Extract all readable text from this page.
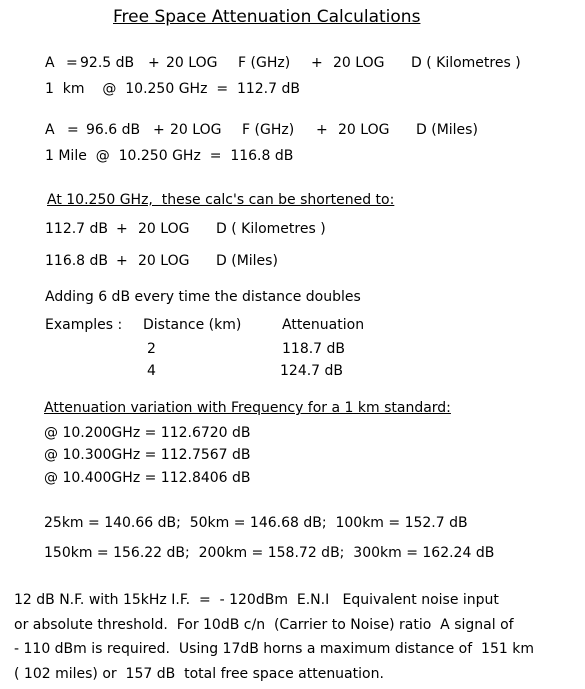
Free Space Attenuation Calculations
A = 92.5 dB + 20 LOG F (GHz) + 20 LOG D ( Kilometres )
1  km    @  10.250 GHz  =  112.7 dB
A = 96.6 dB + 20 LOG F (GHz) + 20 LOG D (Miles)
1 Mile  @  10.250 GHz  =  116.8 dB
At 10.250 GHz,  these calc's can be shortened to:
112.7 dB + 20 LOG D ( Kilometres )
116.8 dB + 20 LOG D (Miles)
Adding 6 dB every time the distance doubles
Examples : Distance (km)	Attenuation
2	118.7 dB
4	124.7 dB
Attenuation variation with Frequency for a 1 km standard:
@ 10.200GHz = 112.6720 dB
@ 10.300GHz = 112.7567 dB
@ 10.400GHz = 112.8406 dB
25km = 140.66 dB;  50km = 146.68 dB;  100km = 152.7 dB
150km = 156.22 dB;  200km = 158.72 dB;  300km = 162.24 dB
12 dB N.F. with 15kHz I.F.  =  - 120dBm  E.N.I   Equivalent noise input
or absolute threshold.  For 10dB c/n  (Carrier to Noise) ratio  A signal of
- 110 dBm is required.  Using 17dB horns a maximum distance of  151 km
( 102 miles) or  157 dB  total free space attenuation.
